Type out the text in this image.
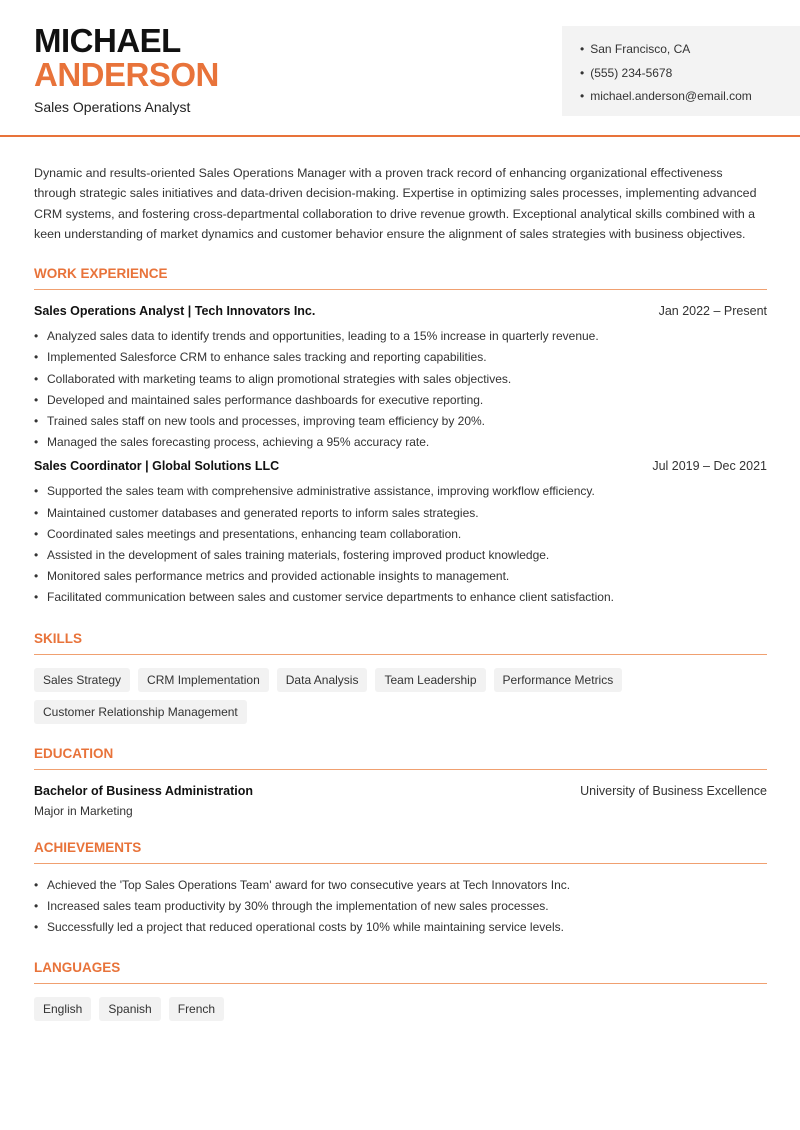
MICHAEL
ANDERSON
Sales Operations Analyst
• San Francisco, CA
• (555) 234-5678
• michael.anderson@email.com

Dynamic and results-oriented Sales Operations Manager with a proven track record of enhancing organizational effectiveness through strategic sales initiatives and data-driven decision-making. Expertise in optimizing sales processes, implementing advanced CRM systems, and fostering cross-departmental collaboration to drive revenue growth. Exceptional analytical skills combined with a keen understanding of market dynamics and customer behavior ensure the alignment of sales strategies with business objectives.

WORK EXPERIENCE
Sales Operations Analyst | Tech Innovators Inc.	Jan 2022 – Present
• Analyzed sales data to identify trends and opportunities, leading to a 15% increase in quarterly revenue.
• Implemented Salesforce CRM to enhance sales tracking and reporting capabilities.
• Collaborated with marketing teams to align promotional strategies with sales objectives.
• Developed and maintained sales performance dashboards for executive reporting.
• Trained sales staff on new tools and processes, improving team efficiency by 20%.
• Managed the sales forecasting process, achieving a 95% accuracy rate.
Sales Coordinator | Global Solutions LLC	Jul 2019 – Dec 2021
• Supported the sales team with comprehensive administrative assistance, improving workflow efficiency.
• Maintained customer databases and generated reports to inform sales strategies.
• Coordinated sales meetings and presentations, enhancing team collaboration.
• Assisted in the development of sales training materials, fostering improved product knowledge.
• Monitored sales performance metrics and provided actionable insights to management.
• Facilitated communication between sales and customer service departments to enhance client satisfaction.
SKILLS
Sales Strategy	CRM Implementation	Data Analysis	Team Leadership	Performance Metrics
Customer Relationship Management
EDUCATION
Bachelor of Business Administration	University of Business Excellence
Major in Marketing
ACHIEVEMENTS
• Achieved the 'Top Sales Operations Team' award for two consecutive years at Tech Innovators Inc.
• Increased sales team productivity by 30% through the implementation of new sales processes.
• Successfully led a project that reduced operational costs by 10% while maintaining service levels.
LANGUAGES
English	Spanish	French
